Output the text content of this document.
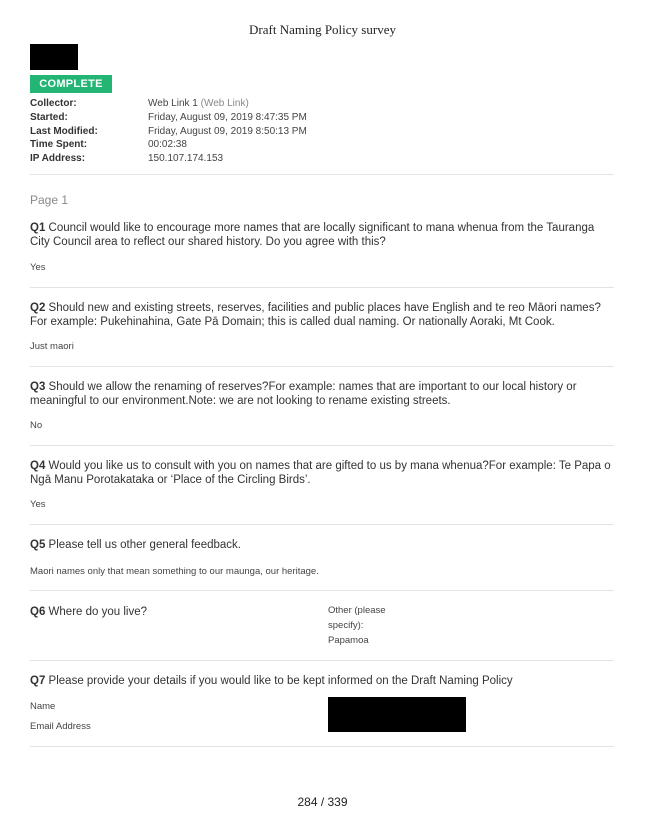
Draft Naming Policy survey
COMPLETE
Collector:	Web Link 1 (Web Link)
Started:	Friday, August 09, 2019 8:47:35 PM
Last Modified:	Friday, August 09, 2019 8:50:13 PM
Time Spent:	00:02:38
IP Address:	150.107.174.153
Page 1
Q1 Council would like to encourage more names that are locally significant to mana whenua from the Tauranga City Council area to reflect our shared history. Do you agree with this?
Yes
Q2 Should new and existing streets, reserves, facilities and public places have English and te reo Māori names?For example: Pukehinahina, Gate Pā Domain; this is called dual naming. Or nationally Aoraki, Mt Cook.
Just maori
Q3 Should we allow the renaming of reserves?For example: names that are important to our local history or meaningful to our environment.Note: we are not looking to rename existing streets.
No
Q4 Would you like us to consult with you on names that are gifted to us by mana whenua?For example: Te Papa o Ngā Manu Porotakataka or ‘Place of the Circling Birds’.
Yes
Q5 Please tell us other general feedback.
Maori names only that mean something to our maunga, our heritage.
Q6 Where do you live?	Other (please
specify):
Papamoa
Q7 Please provide your details if you would like to be kept informed on the Draft Naming Policy
Name
Email Address
284 / 339
